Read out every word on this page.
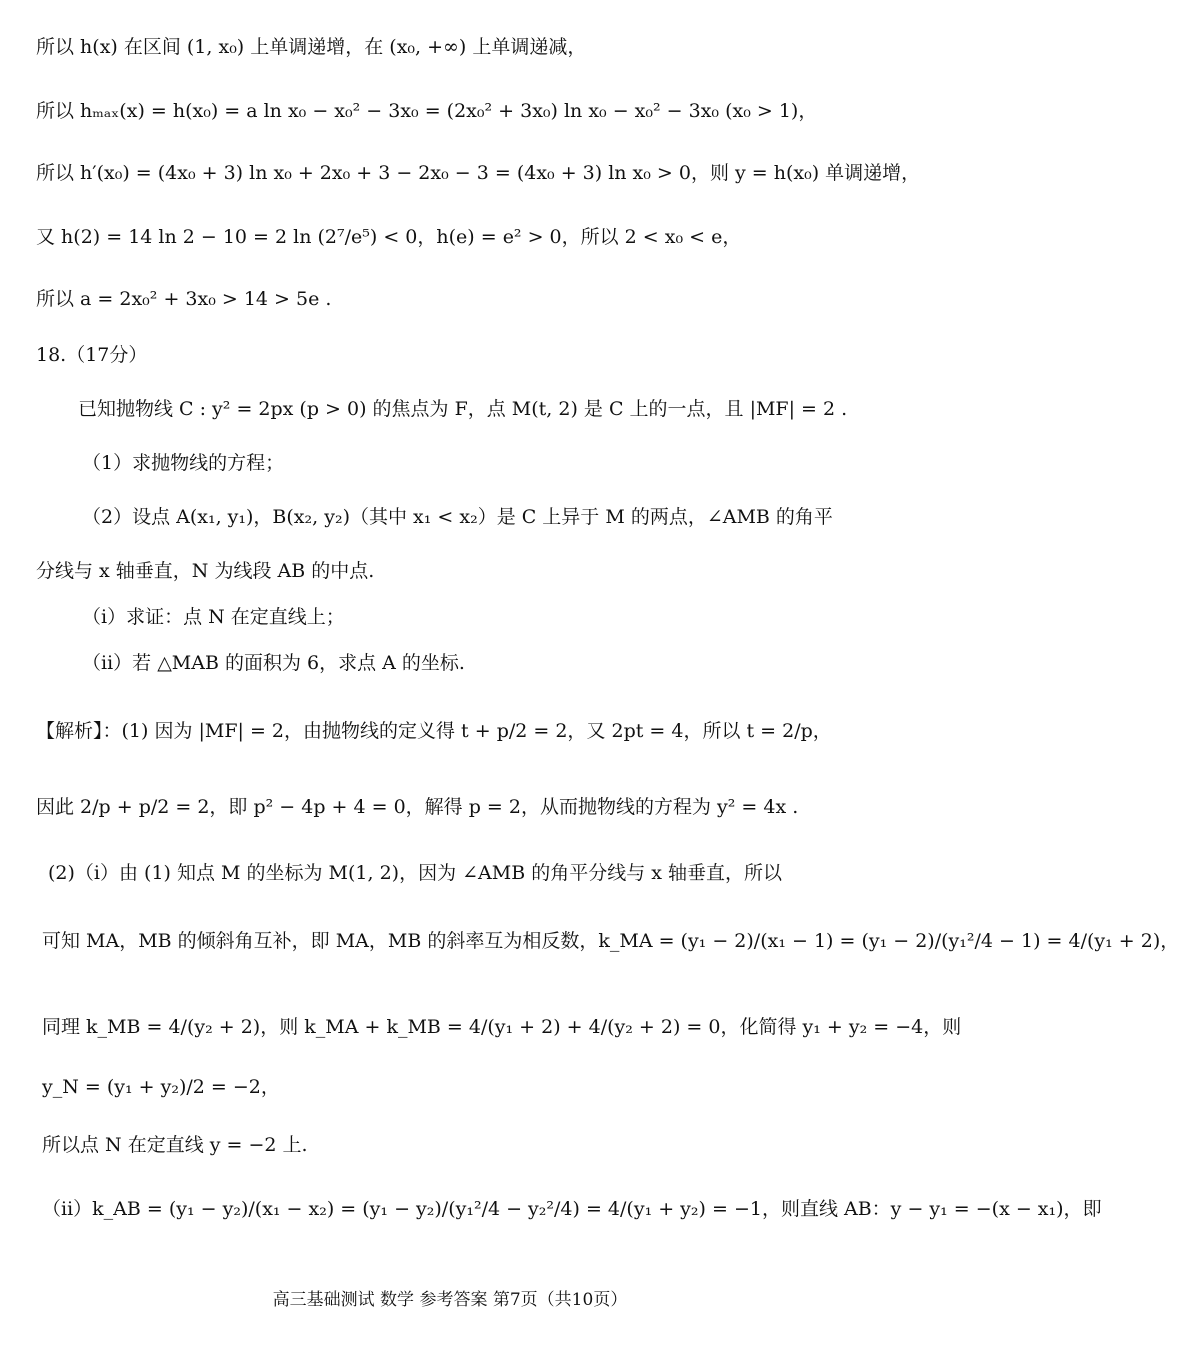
所以 h(x) 在区间 (1, x₀) 上单调递增，在 (x₀, +∞) 上单调递减，
所以 hₘₐₓ(x) = h(x₀) = a ln x₀ − x₀² − 3x₀ = (2x₀² + 3x₀) ln x₀ − x₀² − 3x₀ (x₀ > 1)，
所以 h′(x₀) = (4x₀ + 3) ln x₀ + 2x₀ + 3 − 2x₀ − 3 = (4x₀ + 3) ln x₀ > 0，则 y = h(x₀) 单调递增，
又 h(2) = 14 ln 2 − 10 = 2 ln (2⁷/e⁵) < 0，h(e) = e² > 0，所以 2 < x₀ < e，
所以 a = 2x₀² + 3x₀ > 14 > 5e .
18.（17分）
已知抛物线 C : y² = 2px (p > 0) 的焦点为 F，点 M(t, 2) 是 C 上的一点，且 |MF| = 2 .
（1）求抛物线的方程；
（2）设点 A(x₁, y₁)，B(x₂, y₂)（其中 x₁ < x₂）是 C 上异于 M 的两点，∠AMB 的角平
分线与 x 轴垂直，N 为线段 AB 的中点.
（ⅰ）求证：点 N 在定直线上；
（ⅱ）若 △MAB 的面积为 6，求点 A 的坐标.
【解析】：(1) 因为 |MF| = 2，由抛物线的定义得 t + p/2 = 2，又 2pt = 4，所以 t = 2/p，
因此 2/p + p/2 = 2，即 p² − 4p + 4 = 0，解得 p = 2，从而抛物线的方程为 y² = 4x .
(2)（ⅰ）由 (1) 知点 M 的坐标为 M(1, 2)，因为 ∠AMB 的角平分线与 x 轴垂直，所以
可知 MA，MB 的倾斜角互补，即 MA，MB 的斜率互为相反数，k_MA = (y₁ − 2)/(x₁ − 1) = (y₁ − 2)/(y₁²/4 − 1) = 4/(y₁ + 2)，
同理 k_MB = 4/(y₂ + 2)， 则 k_MA + k_MB = 4/(y₁ + 2) + 4/(y₂ + 2) = 0， 化简得 y₁ + y₂ = −4， 则
y_N = (y₁ + y₂)/2 = −2，
所以点 N 在定直线 y = −2 上.
（ⅱ）k_AB = (y₁ − y₂)/(x₁ − x₂) = (y₁ − y₂)/(y₁²/4 − y₂²/4) = 4/(y₁ + y₂) = −1， 则直线 AB：y − y₁ = −(x − x₁)， 即
高三基础测试 数学 参考答案 第7页（共10页）
